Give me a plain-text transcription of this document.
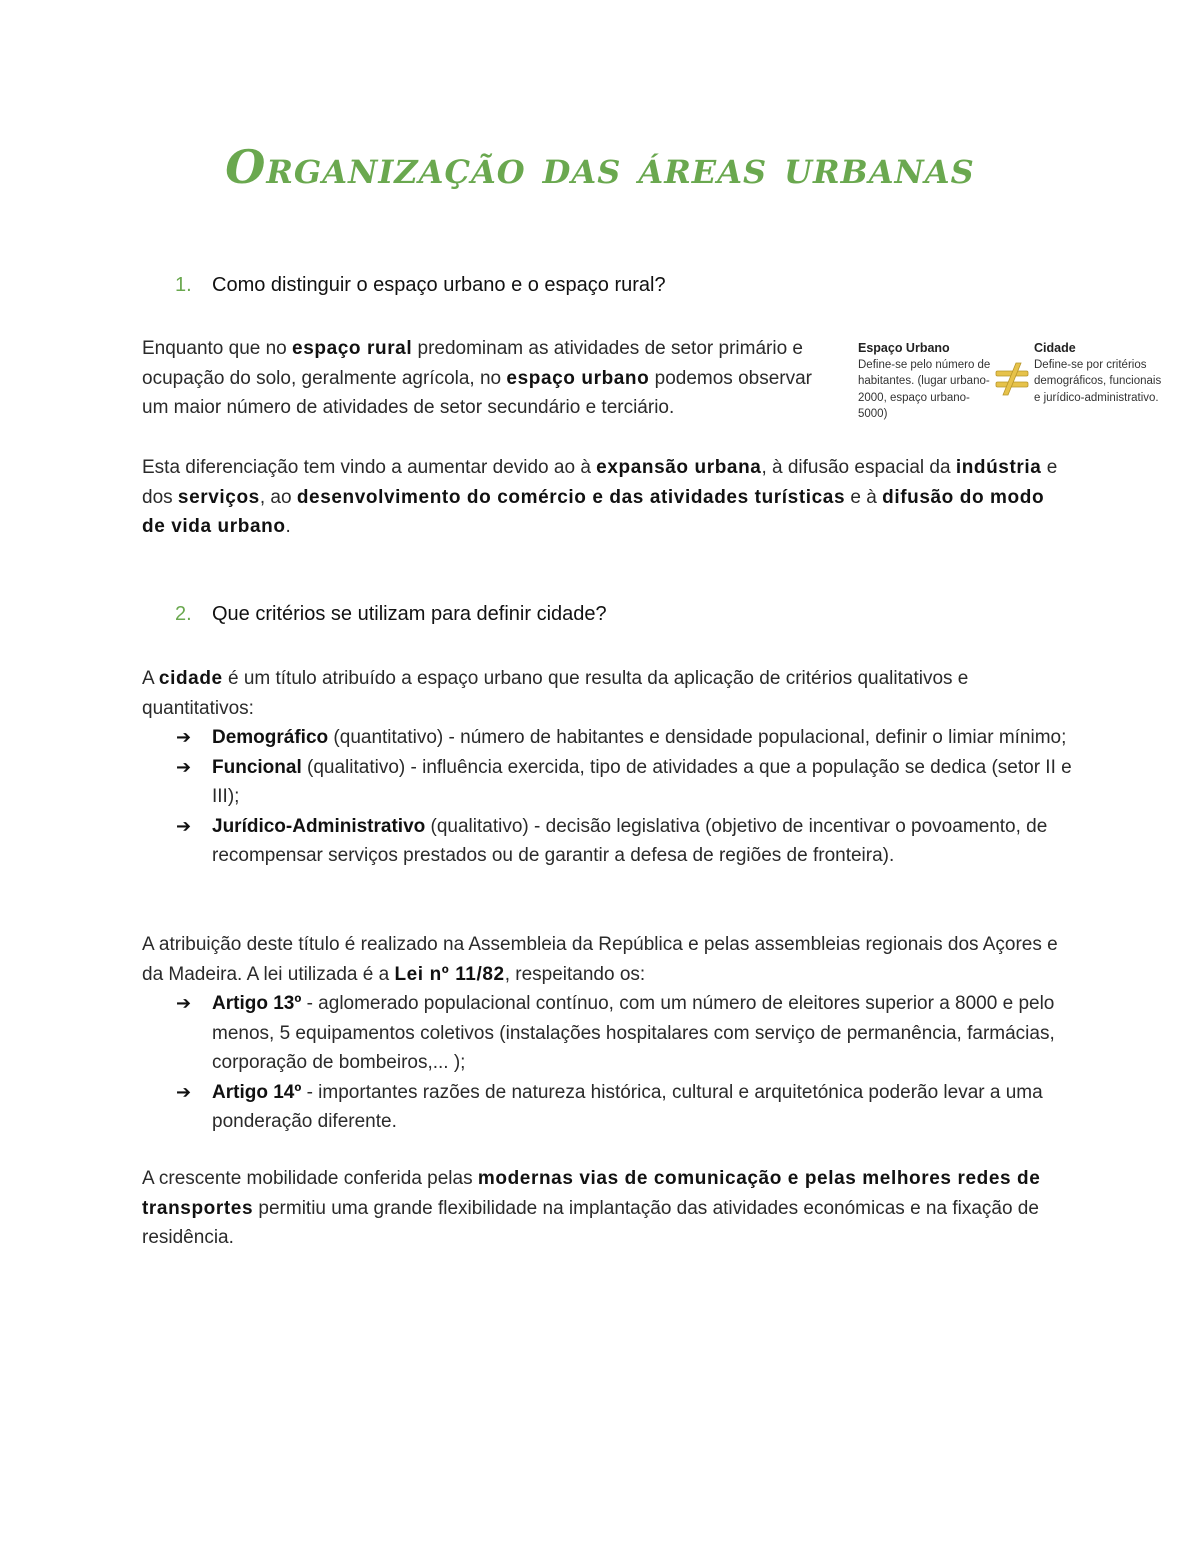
Organização das áreas urbanas
1. Como distinguir o espaço urbano e o espaço rural?
Enquanto que no espaço rural predominam as atividades de setor primário e ocupação do solo, geralmente agrícola, no espaço urbano podemos observar um maior número de atividades de setor secundário e terciário.
Espaço Urbano
Define-se pelo número de habitantes. (lugar urbano-2000, espaço urbano-5000)
Cidade
Define-se por critérios demográficos, funcionais e jurídico-administrativo.
Esta diferenciação tem vindo a aumentar devido ao à expansão urbana, à difusão espacial da indústria e dos serviços, ao desenvolvimento do comércio e das atividades turísticas e à difusão do modo de vida urbano.
2. Que critérios se utilizam para definir cidade?
A cidade é um título atribuído a espaço urbano que resulta da aplicação de critérios qualitativos e quantitativos:
➔ Demográfico (quantitativo) - número de habitantes e densidade populacional, definir o limiar mínimo;
➔ Funcional (qualitativo) - influência exercida, tipo de atividades a que a população se dedica (setor II e III);
➔ Jurídico-Administrativo (qualitativo) - decisão legislativa (objetivo de incentivar o povoamento, de recompensar serviços prestados ou de garantir a defesa de regiões de fronteira).
A atribuição deste título é realizado na Assembleia da República e pelas assembleias regionais dos Açores e da Madeira. A lei utilizada é a Lei nº 11/82, respeitando os:
➔ Artigo 13º - aglomerado populacional contínuo, com um número de eleitores superior a 8000 e pelo menos, 5 equipamentos coletivos (instalações hospitalares com serviço de permanência, farmácias, corporação de bombeiros,... );
➔ Artigo 14º - importantes razões de natureza histórica, cultural e arquitetónica poderão levar a uma ponderação diferente.
A crescente mobilidade conferida pelas modernas vias de comunicação e pelas melhores redes de transportes permitiu uma grande flexibilidade na implantação das atividades económicas e na fixação de residência.
